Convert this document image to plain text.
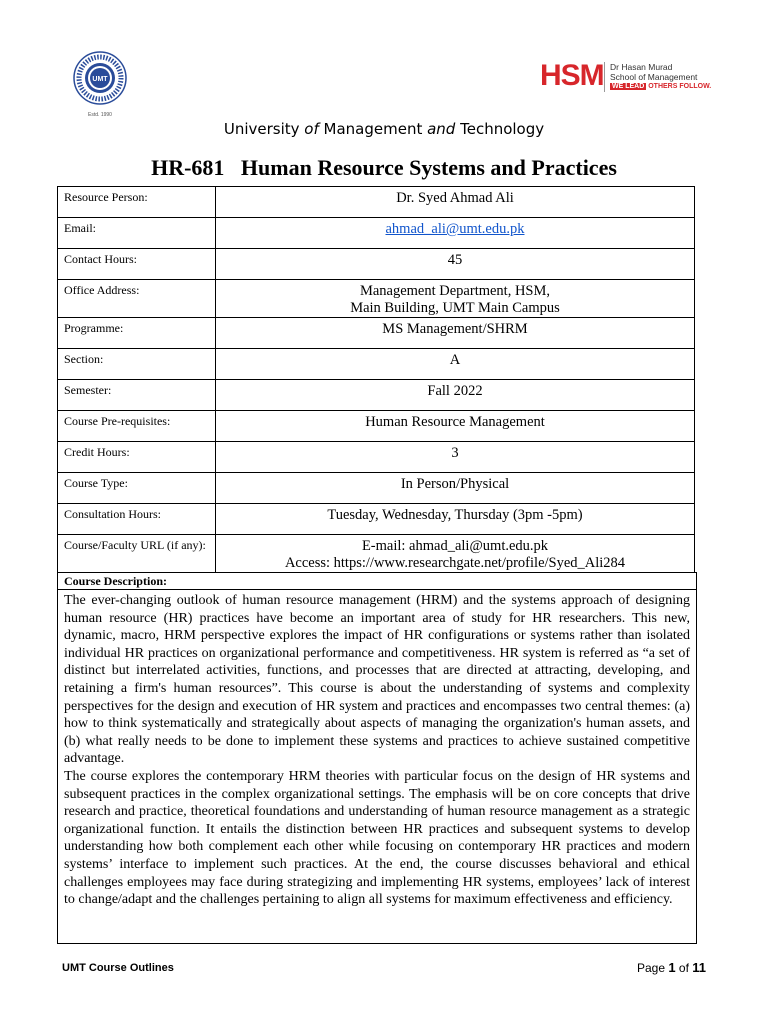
UMT
Estd. 1990
HSM Dr Hasan Murad
School of Management
WE LEAD OTHERS FOLLOW.
University of Management and Technology
HR-681   Human Resource Systems and Practices
Resource Person:	Dr. Syed Ahmad Ali
Email:	ahmad_ali@umt.edu.pk
Contact Hours:	45
Office Address:	Management Department, HSM,
Main Building, UMT Main Campus

Programme:	MS Management/SHRM
Section:	A
Semester:	Fall 2022
Course Pre-requisites:	Human Resource Management
Credit Hours:	3
Course Type:	In Person/Physical
Consultation Hours:	Tuesday, Wednesday, Thursday (3pm -5pm)
Course/Faculty URL (if any):	E-mail: ahmad_ali@umt.edu.pk
Access: https://www.researchgate.net/profile/Syed_Ali284
Course Description:

The ever-changing outlook of human resource management (HRM) and the systems approach of designing human resource (HR) practices have become an important area of study for HR researchers. This new, dynamic, macro, HRM perspective explores the impact of HR configurations or systems rather than isolated individual HR practices on organizational performance and competitiveness. HR system is referred as “a set of distinct but interrelated activities, functions, and processes that are directed at attracting, developing, and retaining a firm's human resources”. This course is about the understanding of systems and complexity perspectives for the design and execution of HR system and practices and encompasses two central themes: (a) how to think systematically and strategically about aspects of managing the organization's human assets, and (b) what really needs to be done to implement these systems and practices to achieve sustained competitive advantage.

The course explores the contemporary HRM theories with particular focus on the design of HR systems and subsequent practices in the complex organizational settings. The emphasis will be on core concepts that drive research and practice, theoretical foundations and understanding of human resource management as a strategic organizational function. It entails the distinction between HR practices and subsequent systems to develop understanding how both complement each other while focusing on contemporary HR practices and modern systems’ interface to implement such practices. At the end, the course discusses behavioral and ethical challenges employees may face during strategizing and implementing HR systems, employees’ lack of interest to change/adapt and the challenges pertaining to align all systems for maximum effectiveness and efficiency.

UMT Course Outlines	Page 1 of 11
